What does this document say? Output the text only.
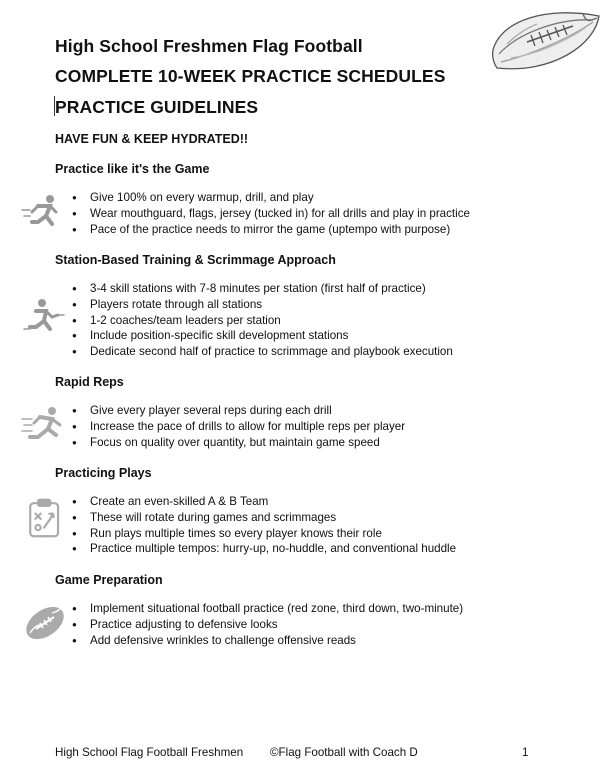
High School Freshmen Flag Football
COMPLETE 10-WEEK PRACTICE SCHEDULES
PRACTICE GUIDELINES
HAVE FUN & KEEP HYDRATED!!
Practice like it's the Game
● Give 100% on every warmup, drill, and play
● Wear mouthguard, flags, jersey (tucked in) for all drills and play in practice
● Pace of the practice needs to mirror the game (uptempo with purpose)
Station-Based Training & Scrimmage Approach
● 3-4 skill stations with 7-8 minutes per station (first half of practice)
● Players rotate through all stations
● 1-2 coaches/team leaders per station
● Include position-specific skill development stations
● Dedicate second half of practice to scrimmage and playbook execution
Rapid Reps
● Give every player several reps during each drill
● Increase the pace of drills to allow for multiple reps per player
● Focus on quality over quantity, but maintain game speed
Practicing Plays
● Create an even-skilled A & B Team
● These will rotate during games and scrimmages
● Run plays multiple times so every player knows their role
● Practice multiple tempos: hurry-up, no-huddle, and conventional huddle
Game Preparation
● Implement situational football practice (red zone, third down, two-minute)
● Practice adjusting to defensive looks
● Add defensive wrinkles to challenge offensive reads
High School Flag Football Freshmen ©Flag Football with Coach D	1
